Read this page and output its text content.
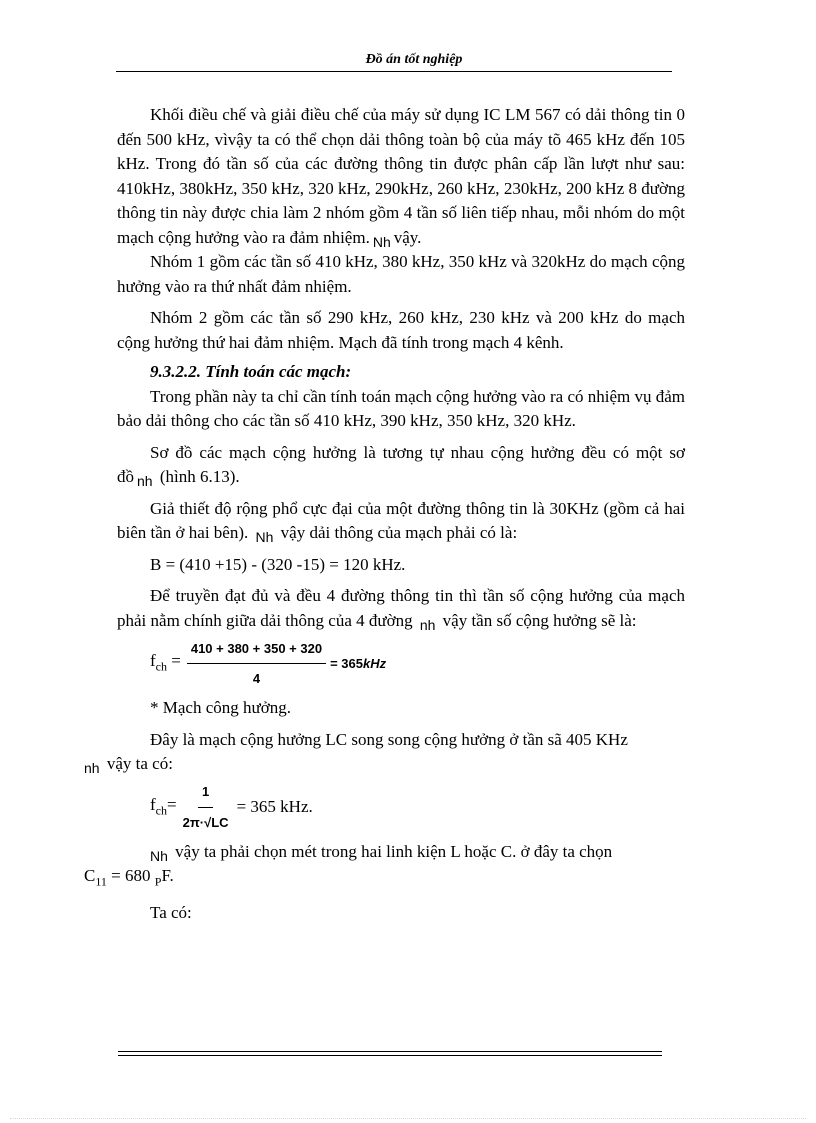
Đồ án tốt nghiệp

Khối điều chế và giải điều chế của máy sử dụng IC LM 567 có dải thông tin 0 đến 500 kHz, vìvậy ta có thể chọn dải thông toàn bộ của máy tõ 465 kHz đến 105 kHz. Trong đó tần số của các đường thông tin được phân cấp lần lượt như sau: 410kHz, 380kHz, 350 kHz, 320 kHz, 290kHz, 260 kHz, 230kHz, 200 kHz 8 đường thông tin này được chia làm 2 nhóm gồm 4 tần số liên tiếp nhau, mỗi nhóm do một mạch cộng hưởng vào ra đảm nhiệm. $_{Nh}$ vậy.

Nhóm 1 gồm các tần số 410 kHz, 380 kHz, 350 kHz và 320kHz do mạch cộng hưởng vào ra thứ nhất đảm nhiệm.

Nhóm 2 gồm các tần số 290 kHz, 260 kHz, 230 kHz và 200 kHz do mạch cộng hưởng thứ hai đảm nhiệm. Mạch đã tính trong mạch 4 kênh.

9.3.2.2. Tính toán các mạch:

Trong phần này ta chỉ cần tính toán mạch cộng hưởng vào ra có nhiệm vụ đảm bảo dải thông cho các tần số 410 kHz, 390 kHz, 350 kHz, 320 kHz.

Sơ đồ các mạch cộng hưởng là tương tự nhau cộng hưởng đều có một sơ đồ $_{nh}$ (hình 6.13).

Giả thiết độ rộng phổ cực đại của một đường thông tin là 30KHz (gồm cả hai biên tần ở hai bên). $_{Nh}$ vậy dải thông của mạch phải có là:

B = (410 +15) - (320 -15) = 120 kHz.

Để truyền đạt đủ và đều 4 đường thông tin thì tần số cộng hưởng của mạch phải nằm chính giữa dải thông của 4 đường $_{nh}$ vậy tần số cộng hưởng sẽ là:

$f_{ch} = \frac{410 + 380 + 350 + 320}{4} = 365kHz$

* Mạch công hưởng.

Đây là mạch cộng hưởng LC song song cộng hưởng ở tần sã 405 KHz
$_{nh}$ vậy ta có:

$f_{ch}= \frac{1}{2\pi\cdot√LC} = 365$ kHz.

$_{Nh}$ vậy ta phải chọn mét trong hai linh kiện L hoặc C. ở đây ta chọn
$C_{11} = 680$ $_P$F.

Ta có:
